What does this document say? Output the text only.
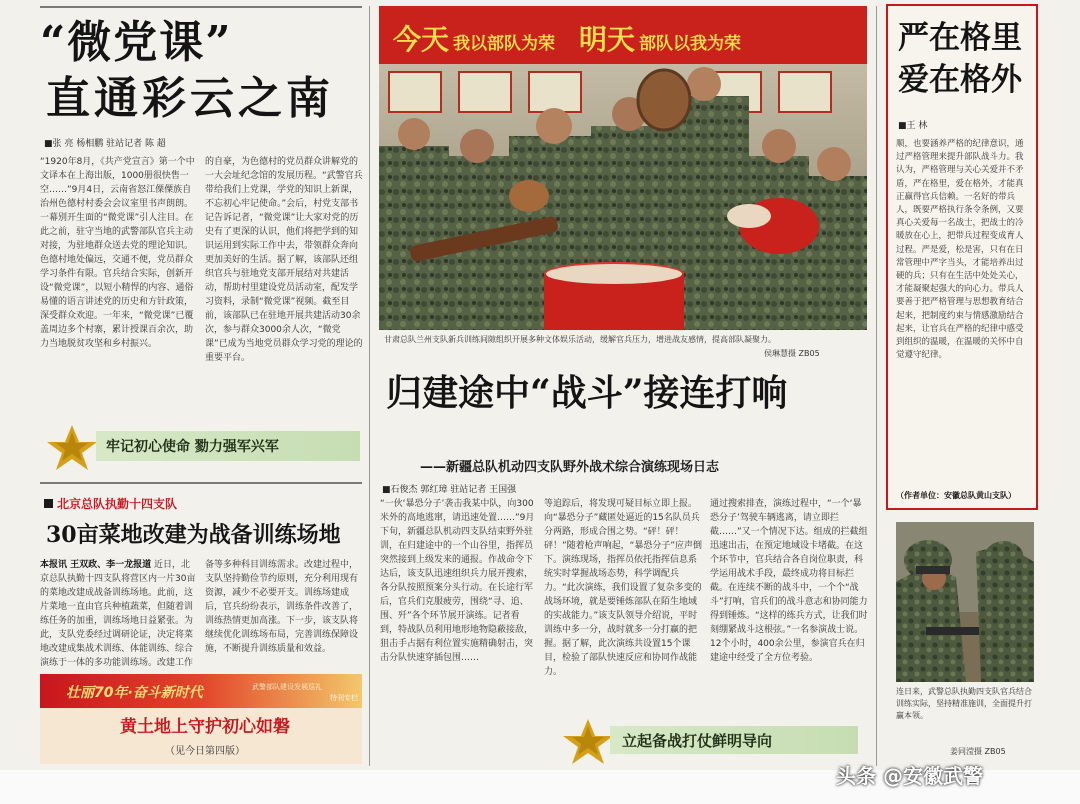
“微党课”
直通彩云之南
■张 亮 杨相鹏 驻站记者 陈 超
“1920年8月，《共产党宣言》第一个中文译本在上海出版，1000册很快售一空……”9月4日，云南省怒江傈僳族自治州色德村村委会会议室里书声朗朗。一幕别开生面的“微党课”引人注目。在此之前，驻守当地的武警部队官兵主动对接，为驻地群众送去党的理论知识。色德村地处偏远，交通不便，党员群众学习条件有限。官兵结合实际，创新开设“微党课”，以短小精悍的内容、通俗易懂的语言讲述党的历史和方针政策，深受群众欢迎。一年来，“微党课”已覆盖周边多个村寨，累计授课百余次，助力当地脱贫攻坚和乡村振兴。
的自豪，为色德村的党员群众讲解党的一大会址纪念馆的发展历程。“武警官兵带给我们上党课，学党的知识上新课，不忘初心牢记使命。”会后，村党支部书记告诉记者，“微党课”让大家对党的历史有了更深的认识，他们将把学到的知识运用到实际工作中去，带领群众奔向更加美好的生活。据了解，该部队还组织官兵与驻地党支部开展结对共建活动，帮助村里建设党员活动室，配发学习资料，录制“微党课”视频。截至目前，该部队已在驻地开展共建活动30余次，参与群众3000余人次，“微党课”已成为当地党员群众学习党的理论的重要平台。
牢记初心使命 勠力强军兴军
北京总队执勤十四支队
30亩菜地改建为战备训练场地
本报讯 王双政、李一龙报道 近日，北京总队执勤十四支队将营区内一片30亩的菜地改建成战备训练场地。此前，这片菜地一直由官兵种植蔬菜，但随着训练任务的加重，训练场地日益紧张。为此，支队党委经过调研论证，决定将菜地改建成集战术训练、体能训练、综合演练于一体的多功能训练场。改建工作
备等多种科目训练需求。改建过程中，支队坚持勤俭节约原则，充分利用现有资源，减少不必要开支。训练场建成后，官兵纷纷表示，训练条件改善了，训练热情更加高涨。下一步，该支队将继续优化训练场布局，完善训练保障设施，不断提升训练质量和效益。
壮丽70年·奋斗新时代	武警部队建设发展巡礼
特刊专栏
黄土地上守护初心如磐
（见今日第四版）
今天 我以部队为荣 明天 部队以我为荣
甘肃总队兰州支队新兵训练间隙组织开展多种文体娱乐活动，缓解官兵压力，增进战友感情，提高部队凝聚力。
侯琳慧摄 ZB05
归建途中“战斗”接连打响
——新疆总队机动四支队野外战术综合演练现场日志
■石俊杰 郭红璋 驻站记者 王国强
“一伙‘暴恐分子’袭击我某中队，向300米外的高地逃窜，请迅速处置……”9月下旬，新疆总队机动四支队结束野外驻训，在归建途中的一个山谷里，指挥员突然接到上级发来的通报。作战命令下达后，该支队迅速组织兵力展开搜索，各分队按照预案分头行动。在长途行军后，官兵们克服疲劳，围绕“寻、追、围、歼”各个环节展开演练。记者看到，特战队员利用地形地物隐蔽接敌，狙击手占据有利位置实施精确射击，突击分队快速穿插包围……
等追踪后，将发现可疑目标立即上报。向“暴恐分子”藏匿处逼近的15名队员兵分两路，形成合围之势。“砰！砰！砰！”随着枪声响起，“暴恐分子”应声倒下。演练现场，指挥员依托指挥信息系统实时掌握战场态势，科学调配兵力。“此次演练，我们设置了复杂多变的战场环境，就是要锤炼部队在陌生地域的实战能力。”该支队领导介绍说，平时训练中多一分，战时就多一分打赢的把握。据了解，此次演练共设置15个课目，检验了部队快速反应和协同作战能力。
通过搜索排查，演练过程中，“一个‘暴恐分子’驾驶车辆逃离，请立即拦截……”又一个情况下达。组成的拦截组迅速出击，在预定地域设卡堵截。在这个环节中，官兵结合各自岗位职责，科学运用战术手段，最终成功将目标拦截。在连续不断的战斗中，一个个“战斗”打响，官兵们的战斗意志和协同能力得到锤炼。“这样的练兵方式，让我们时刻绷紧战斗这根弦。”一名参演战士说。12个小时，400余公里，参演官兵在归建途中经受了全方位考验。
立起备战打仗鲜明导向
严在格里
爱在格外
■王 林
顺，也要涵养严格的纪律意识，通过严格管理来提升部队战斗力。我认为，严格管理与关心关爱并不矛盾，严在格里，爱在格外，才能真正赢得官兵信赖。一名好的带兵人，既要严格执行条令条例，又要真心关爱每一名战士，把战士的冷暖放在心上，把带兵过程变成育人过程。严是爱，松是害，只有在日常管理中严字当头，才能培养出过硬的兵；只有在生活中处处关心，才能凝聚起强大的向心力。带兵人要善于把严格管理与思想教育结合起来，把制度约束与情感激励结合起来，让官兵在严格的纪律中感受到组织的温暖，在温暖的关怀中自觉遵守纪律。
（作者单位：安徽总队黄山支队）
连日来，武警总队执勤四支队官兵结合训练实际，坚持精准施训，全面提升打赢本领。
姜同滢摄 ZB05
头条 @安徽武警
